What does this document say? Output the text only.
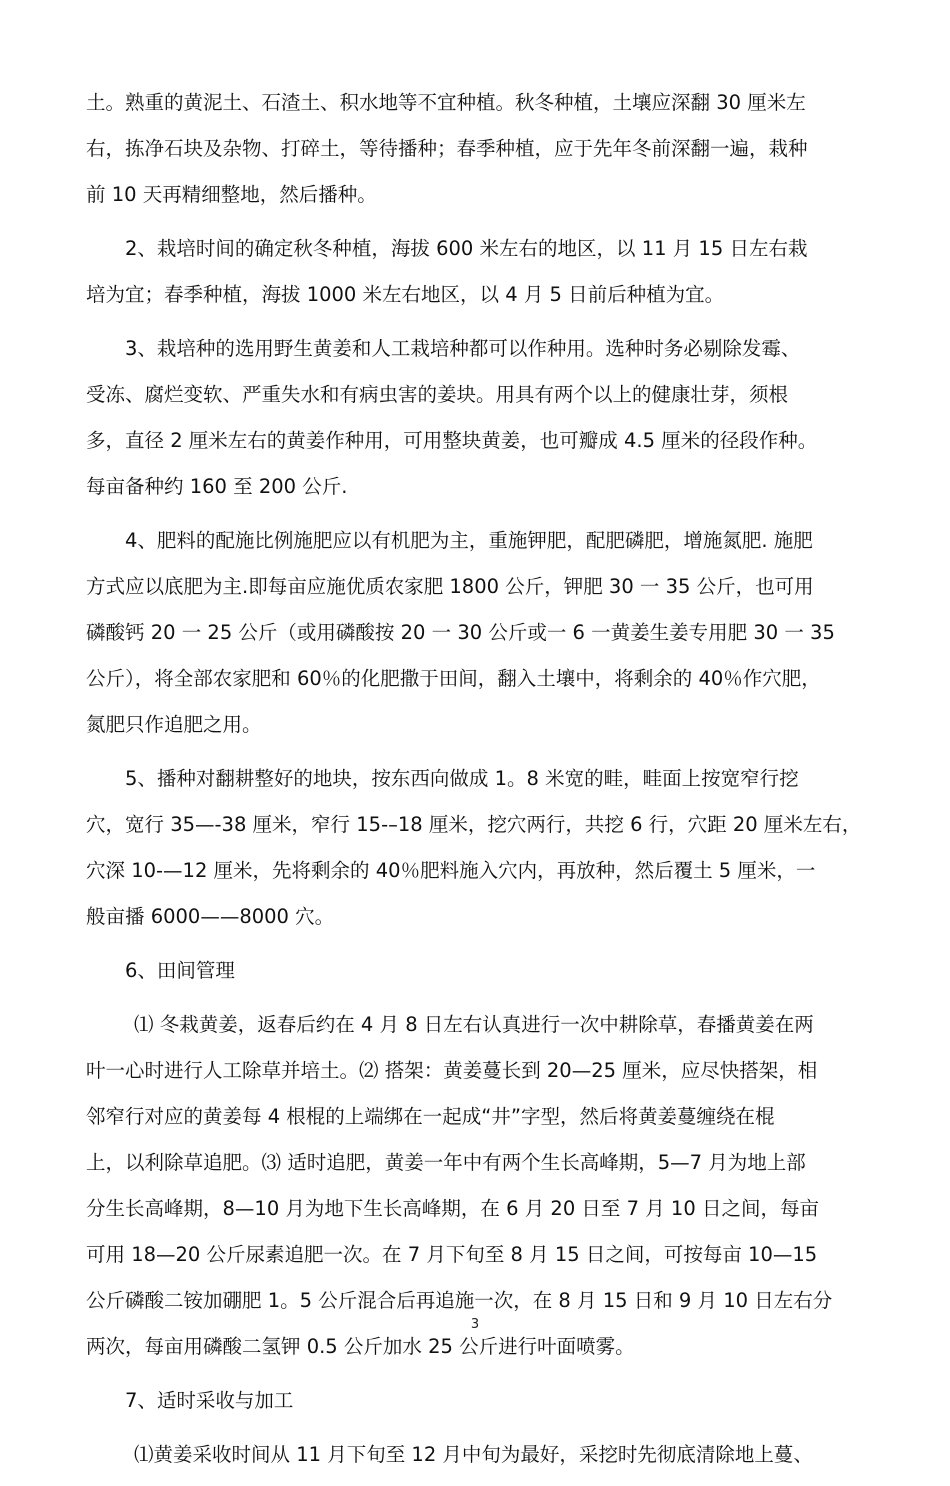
土。熟重的黄泥土、石渣土、积水地等不宜种植。秋冬种植，土壤应深翻 30 厘米左
右，拣净石块及杂物、打碎土，等待播种；春季种植，应于先年冬前深翻一遍，栽种
前 10 天再精细整地，然后播种。

2、栽培时间的确定秋冬种植，海拔 600 米左右的地区，以 11 月 15 日左右栽
培为宜；春季种植，海拔 1000 米左右地区，以 4 月 5 日前后种植为宜。

3、栽培种的选用野生黄姜和人工栽培种都可以作种用。选种时务必剔除发霉、
受冻、腐烂变软、严重失水和有病虫害的姜块。用具有两个以上的健康壮芽，须根
多，直径 2 厘米左右的黄姜作种用，可用整块黄姜，也可瓣成 4.5 厘米的径段作种。
每亩备种约 160 至 200 公斤.

4、肥料的配施比例施肥应以有机肥为主，重施钾肥，配肥磷肥，增施氮肥. 施肥
方式应以底肥为主.即每亩应施优质农家肥 1800 公斤，钾肥 30 一 35 公斤，也可用
磷酸钙 20 一 25 公斤（或用磷酸按 20 一 30 公斤或一 6 一黄姜生姜专用肥 30 一 35
公斤），将全部农家肥和 60％的化肥撒于田间，翻入土壤中，将剩余的 40％作穴肥，
氮肥只作追肥之用。

5、播种对翻耕整好的地块，按东西向做成 1。8 米宽的畦，畦面上按宽窄行挖
穴，宽行 35—-38 厘米，窄行 15-–18 厘米，挖穴两行，共挖 6 行，穴距 20 厘米左右，
穴深 10-—12 厘米，先将剩余的 40％肥料施入穴内，再放种，然后覆土 5 厘米，一
般亩播 6000——8000 穴。

6、田间管理

⑴ 冬栽黄姜，返春后约在 4 月 8 日左右认真进行一次中耕除草，春播黄姜在两
叶一心时进行人工除草并培土。⑵ 搭架：黄姜蔓长到 20—25 厘米，应尽快搭架，相
邻窄行对应的黄姜每 4 根棍的上端绑在一起成“井”字型，然后将黄姜蔓缠绕在棍
上，以利除草追肥。⑶ 适时追肥，黄姜一年中有两个生长高峰期，5—7 月为地上部
分生长高峰期，8—10 月为地下生长高峰期，在 6 月 20 日至 7 月 10 日之间，每亩
可用 18—20 公斤尿素追肥一次。在 7 月下旬至 8 月 15 日之间，可按每亩 10—15
公斤磷酸二铵加硼肥 1。5 公斤混合后再追施一次，在 8 月 15 日和 9 月 10 日左右分
两次，每亩用磷酸二氢钾 0.5 公斤加水 25 公斤进行叶面喷雾。

7、适时采收与加工

⑴黄姜采收时间从 11 月下旬至 12 月中旬为最好，采挖时先彻底清除地上蔓、

3
